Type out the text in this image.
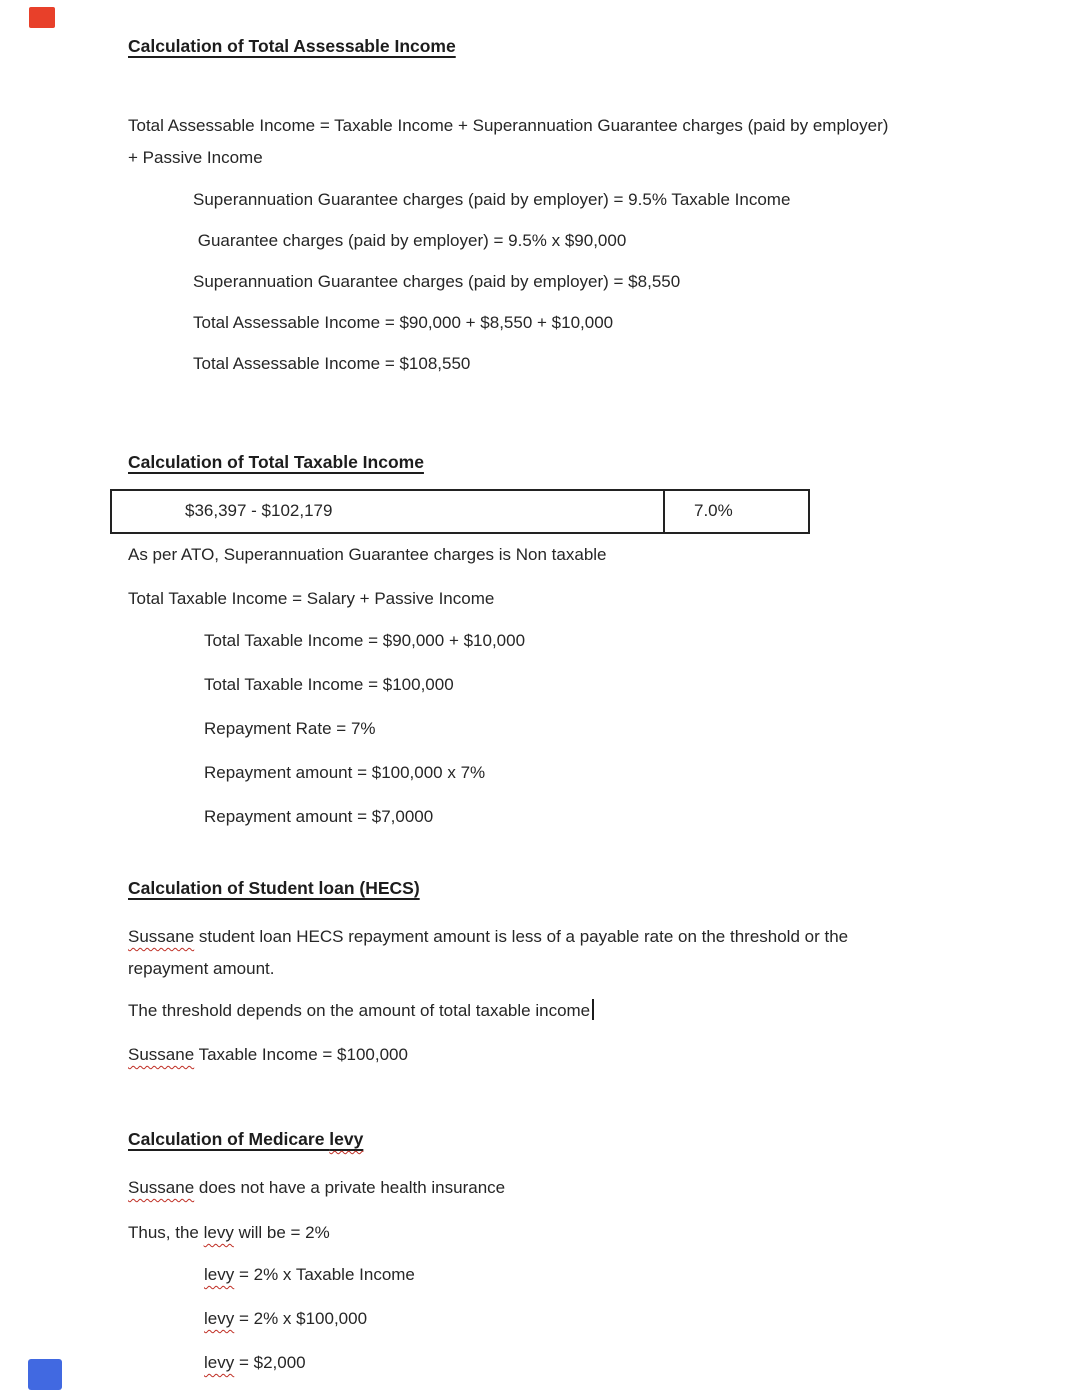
Calculation of Total Assessable Income
Total Assessable Income = Taxable Income + Superannuation Guarantee charges (paid by employer)
+ Passive Income
Superannuation Guarantee charges (paid by employer) = 9.5% Taxable Income
Guarantee charges (paid by employer) = 9.5% x $90,000
Superannuation Guarantee charges (paid by employer) = $8,550
Total Assessable Income = $90,000 + $8,550 + $10,000
Total Assessable Income = $108,550
Calculation of Total Taxable Income
$36,397 - $102,179	7.0%

As per ATO, Superannuation Guarantee charges is Non taxable

Total Taxable Income = Salary + Passive Income

Total Taxable Income = $90,000 + $10,000
Total Taxable Income = $100,000
Repayment Rate = 7%
Repayment amount = $100,000 x 7%
Repayment amount = $7,0000
Calculation of Student loan (HECS)
Sussane student loan HECS repayment amount is less of a payable rate on the threshold or the
repayment amount.

The threshold depends on the amount of total taxable income

Sussane Taxable Income = $100,000

Calculation of Medicare levy

Sussane does not have a private health insurance

Thus, the levy will be = 2%

levy = 2% x Taxable Income
levy = 2% x $100,000
levy = $2,000
